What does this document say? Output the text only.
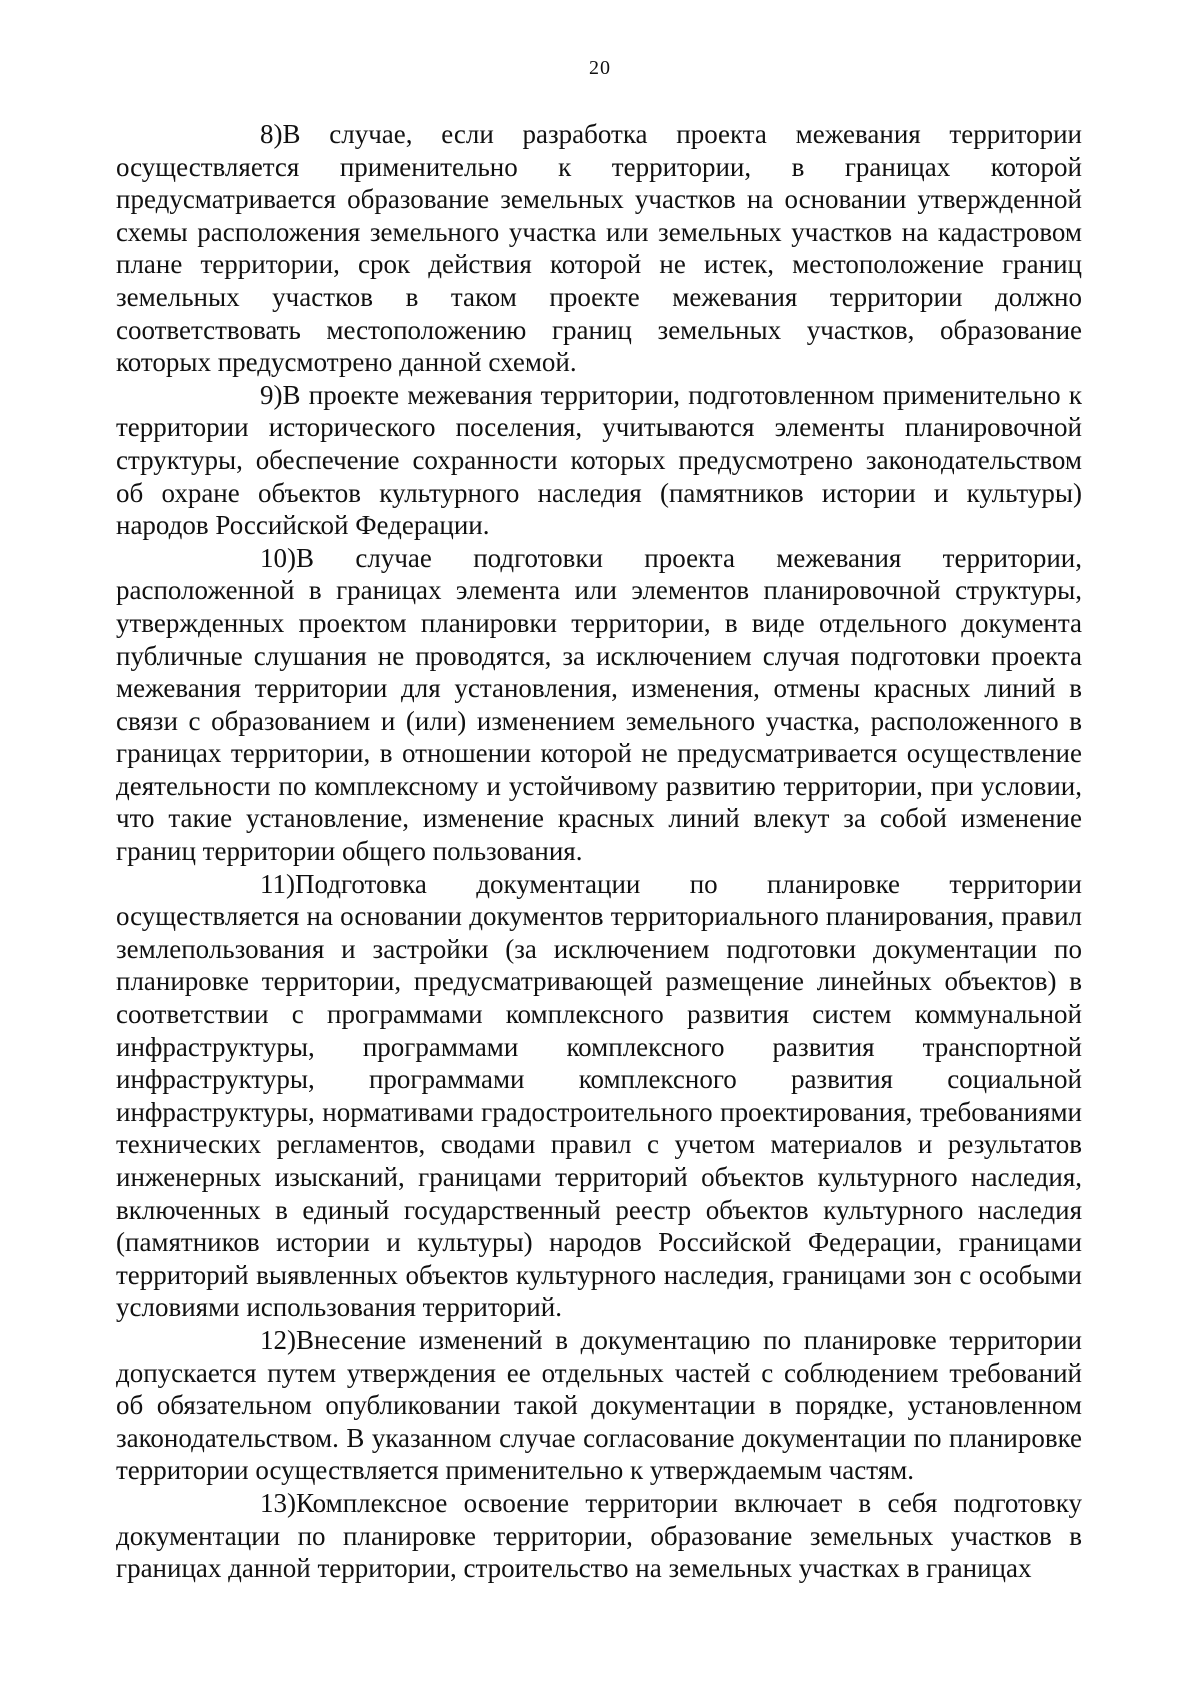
20

8)В случае, если разработка проекта межевания территории осуществляется применительно к территории, в границах которой предусматривается образование земельных участков на основании утвержденной схемы расположения земельного участка или земельных участков на кадастровом плане территории, срок действия которой не истек, местоположение границ земельных участков в таком проекте межевания территории должно соответствовать местоположению границ земельных участков, образование которых предусмотрено данной схемой.

9)В проекте межевания территории, подготовленном применительно к территории исторического поселения, учитываются элементы планировочной структуры, обеспечение сохранности которых предусмотрено законодательством об охране объектов культурного наследия (памятников истории и культуры) народов Российской Федерации.

10)В случае подготовки проекта межевания территории, расположенной в границах элемента или элементов планировочной структуры, утвержденных проектом планировки территории, в виде отдельного документа публичные слушания не проводятся, за исключением случая подготовки проекта межевания территории для установления, изменения, отмены красных линий в связи с образованием и (или) изменением земельного участка, расположенного в границах территории, в отношении которой не предусматривается осуществление деятельности по комплексному и устойчивому развитию территории, при условии, что такие установление, изменение красных линий влекут за собой изменение границ территории общего пользования.

11)Подготовка документации по планировке территории осуществляется на основании документов территориального планирования, правил землепользования и застройки (за исключением подготовки документации по планировке территории, предусматривающей размещение линейных объектов) в соответствии с программами комплексного развития систем коммунальной инфраструктуры, программами комплексного развития транспортной инфраструктуры, программами комплексного развития социальной инфраструктуры, нормативами градостроительного проектирования, требованиями технических регламентов, сводами правил с учетом материалов и результатов инженерных изысканий, границами территорий объектов культурного наследия, включенных в единый государственный реестр объектов культурного наследия (памятников истории и культуры) народов Российской Федерации, границами территорий выявленных объектов культурного наследия, границами зон с особыми условиями использования территорий.

12)Внесение изменений в документацию по планировке территории допускается путем утверждения ее отдельных частей с соблюдением требований об обязательном опубликовании такой документации в порядке, установленном законодательством. В указанном случае согласование документации по планировке территории осуществляется применительно к утверждаемым частям.

13)Комплексное освоение территории включает в себя подготовку документации по планировке территории, образование земельных участков в границах данной территории, строительство на земельных участках в границах
